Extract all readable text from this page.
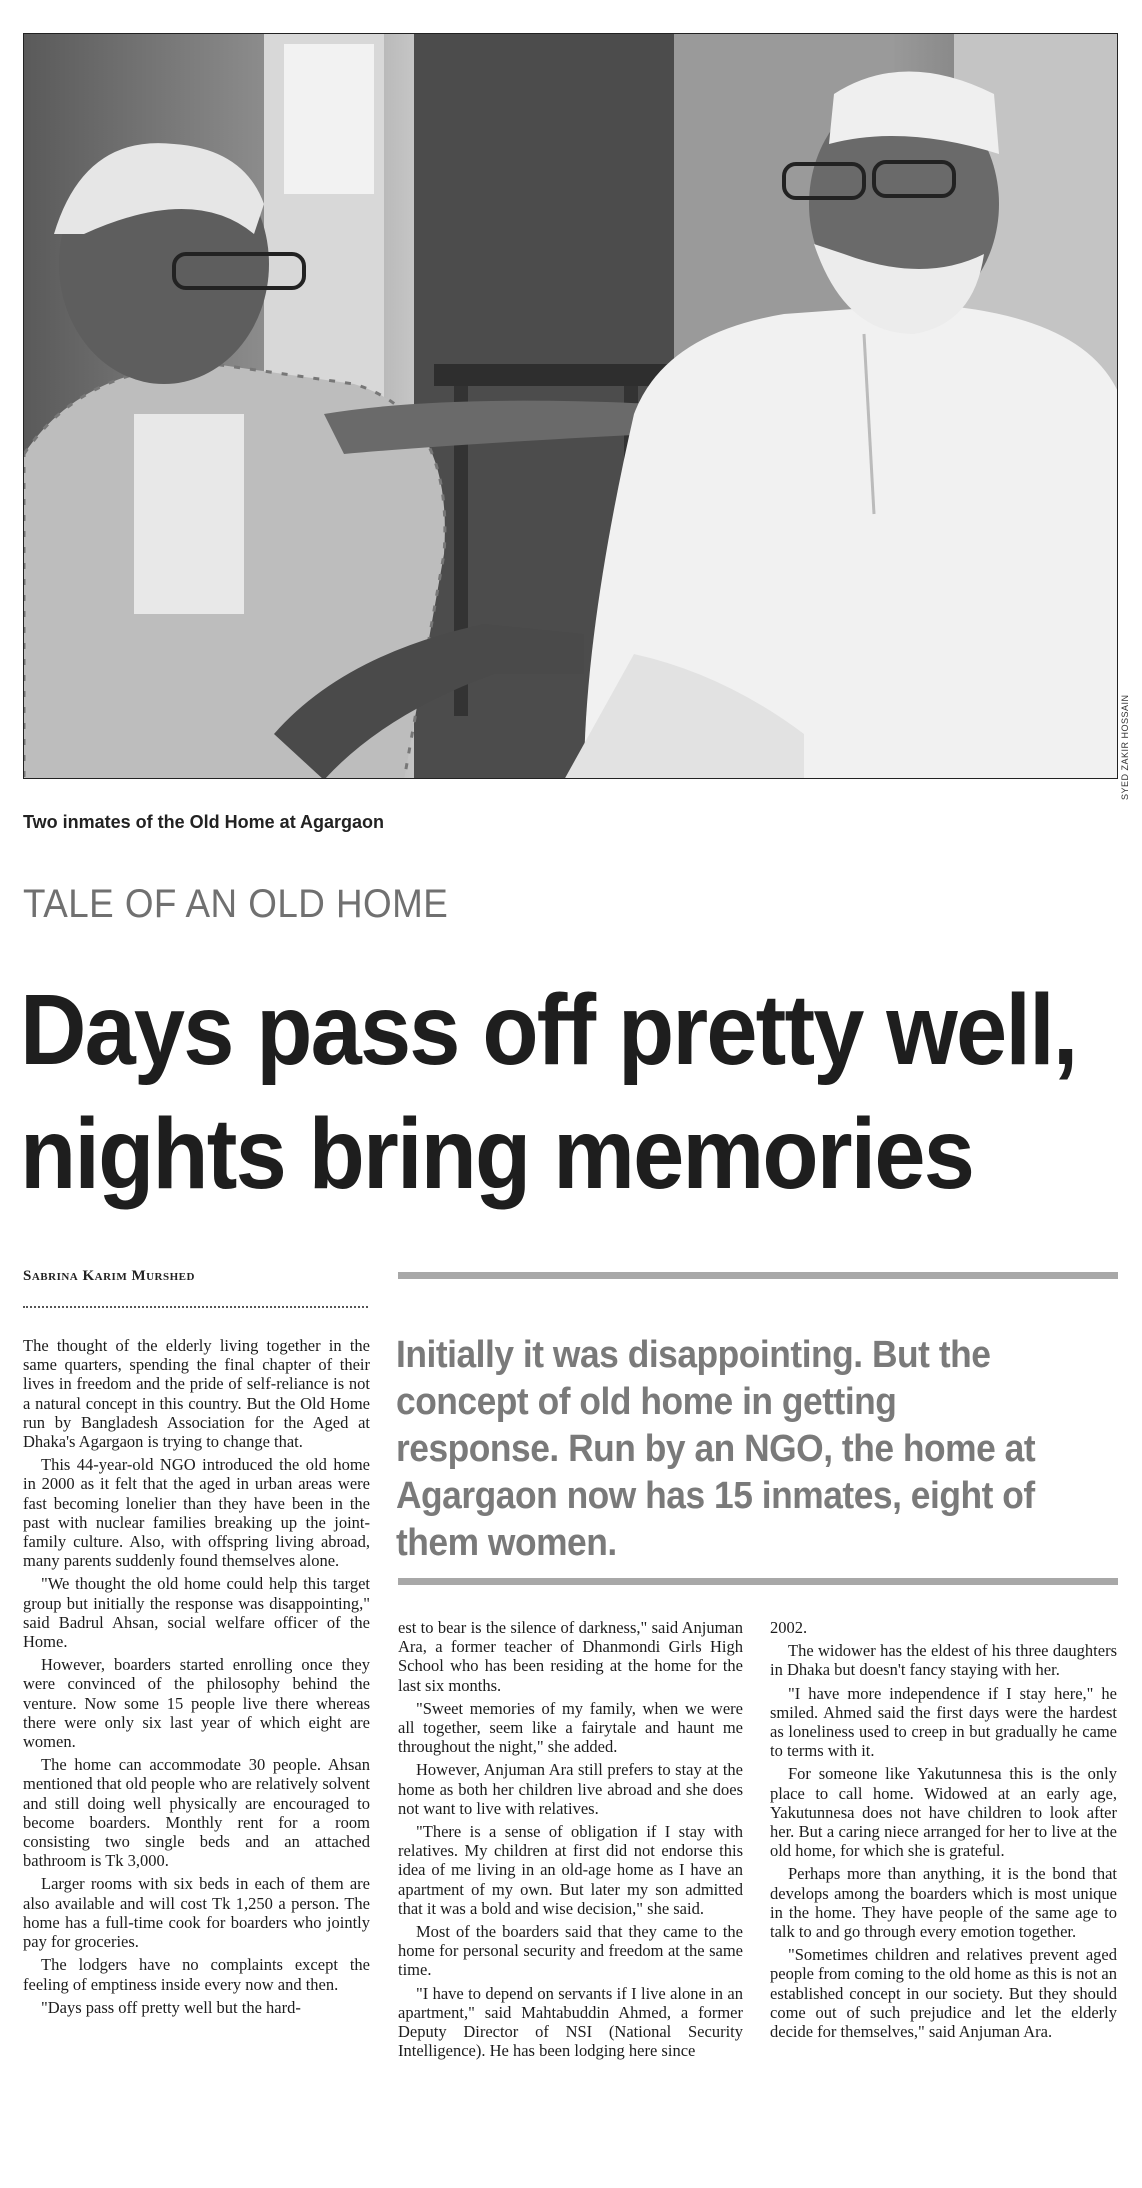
SYED ZAKIR HOSSAIN
Two inmates of the Old Home at Agargaon
TALE OF AN OLD HOME
Days pass off pretty well,
nights bring memories
Sabrina Karim Murshed
Initially it was disappointing. But the concept of old home in getting response. Run by an NGO, the home at Agargaon now has 15 inmates, eight of them women.

The thought of the elderly living together in the same quarters, spending the final chapter of their lives in freedom and the pride of self-reliance is not a natural concept in this country. But the Old Home run by Bangladesh Association for the Aged at Dhaka's Agargaon is trying to change that.

This 44-year-old NGO introduced the old home in 2000 as it felt that the aged in urban areas were fast becoming lonelier than they have been in the past with nuclear families breaking up the joint-family culture. Also, with offspring living abroad, many parents suddenly found themselves alone.

"We thought the old home could help this target group but initially the response was disappointing," said Badrul Ahsan, social welfare officer of the Home.

However, boarders started enrolling once they were convinced of the philosophy behind the venture. Now some 15 people live there whereas there were only six last year of which eight are women.

The home can accommodate 30 people. Ahsan mentioned that old people who are relatively solvent and still doing well physically are encouraged to become boarders. Monthly rent for a room consisting two single beds and an attached bathroom is Tk 3,000.

Larger rooms with six beds in each of them are also available and will cost Tk 1,250 a person. The home has a full-time cook for boarders who jointly pay for groceries.

The lodgers have no complaints except the feeling of emptiness inside every now and then.

"Days pass off pretty well but the hard-

est to bear is the silence of darkness," said Anjuman Ara, a former teacher of Dhanmondi Girls High School who has been residing at the home for the last six months.

"Sweet memories of my family, when we were all together, seem like a fairytale and haunt me throughout the night," she added.

However, Anjuman Ara still prefers to stay at the home as both her children live abroad and she does not want to live with relatives.

"There is a sense of obligation if I stay with relatives. My children at first did not endorse this idea of me living in an old-age home as I have an apartment of my own. But later my son admitted that it was a bold and wise decision," she said.

Most of the boarders said that they came to the home for personal security and freedom at the same time.

"I have to depend on servants if I live alone in an apartment," said Mahtabuddin Ahmed, a former Deputy Director of NSI (National Security Intelligence). He has been lodging here since

2002.

The widower has the eldest of his three daughters in Dhaka but doesn't fancy staying with her.

"I have more independence if I stay here," he smiled. Ahmed said the first days were the hardest as loneliness used to creep in but gradually he came to terms with it.

For someone like Yakutunnesa this is the only place to call home. Widowed at an early age, Yakutunnesa does not have children to look after her. But a caring niece arranged for her to live at the old home, for which she is grateful.

Perhaps more than anything, it is the bond that develops among the boarders which is most unique in the home. They have people of the same age to talk to and go through every emotion together.

"Sometimes children and relatives prevent aged people from coming to the old home as this is not an established concept in our society. But they should come out of such prejudice and let the elderly decide for themselves," said Anjuman Ara.
